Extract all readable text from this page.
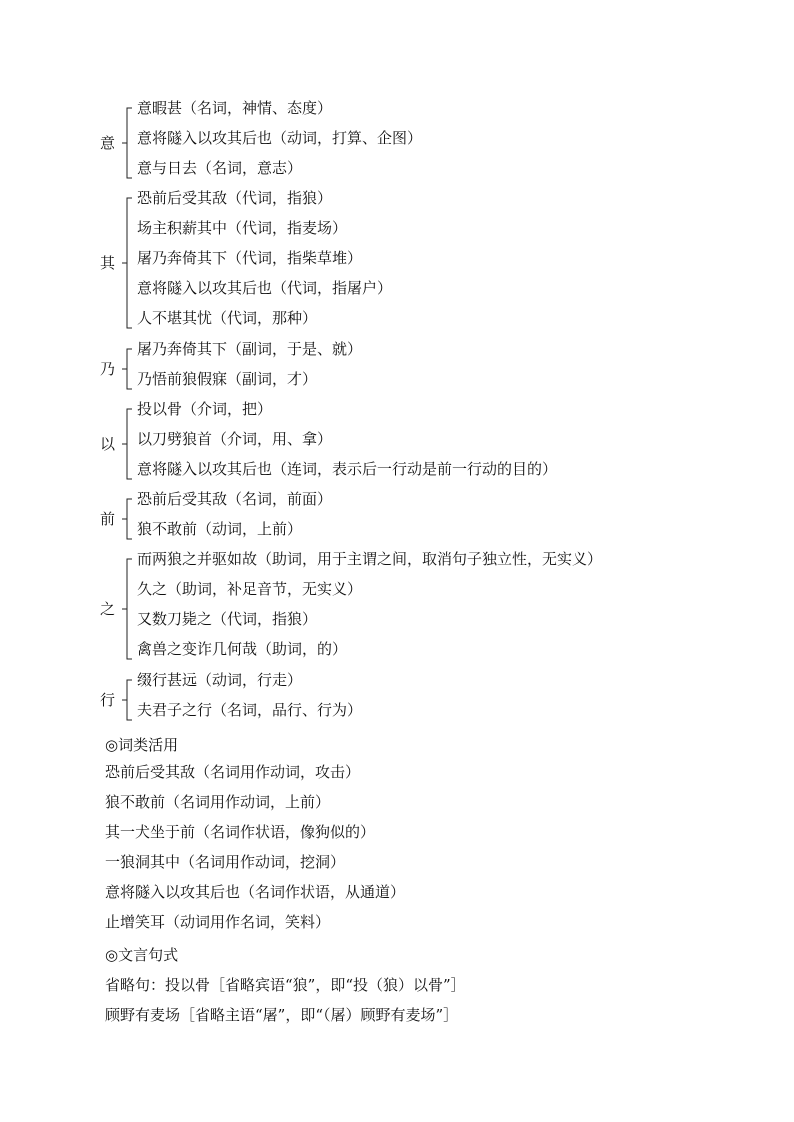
意
意暇甚（名词，神情、态度）
意将隧入以攻其后也（动词，打算、企图）
意与日去（名词，意志）
其
恐前后受其敌（代词，指狼）
场主积薪其中（代词，指麦场）
屠乃奔倚其下（代词，指柴草堆）
意将隧入以攻其后也（代词，指屠户）
人不堪其忧（代词，那种）
乃
屠乃奔倚其下（副词，于是、就）
乃悟前狼假寐（副词，才）
以
投以骨（介词，把）
以刀劈狼首（介词，用、拿）
意将隧入以攻其后也（连词，表示后一行动是前一行动的目的）
前
恐前后受其敌（名词，前面）
狼不敢前（动词，上前）
之
而两狼之并驱如故（助词，用于主谓之间，取消句子独立性，无实义）
久之（助词，补足音节，无实义）
又数刀毙之（代词，指狼）
禽兽之变诈几何哉（助词，的）
行
缀行甚远（动词，行走）
夫君子之行（名词，品行、行为）
◎词类活用
恐前后受其敌（名词用作动词，攻击）
狼不敢前（名词用作动词，上前）
其一犬坐于前（名词作状语，像狗似的）
一狼洞其中（名词用作动词，挖洞）
意将隧入以攻其后也（名词作状语，从通道）
止增笑耳（动词用作名词，笑料）
◎文言句式
省略句：投以骨［省略宾语“狼”，即“投（狼）以骨”］
顾野有麦场［省略主语“屠”，即“（屠）顾野有麦场”］
